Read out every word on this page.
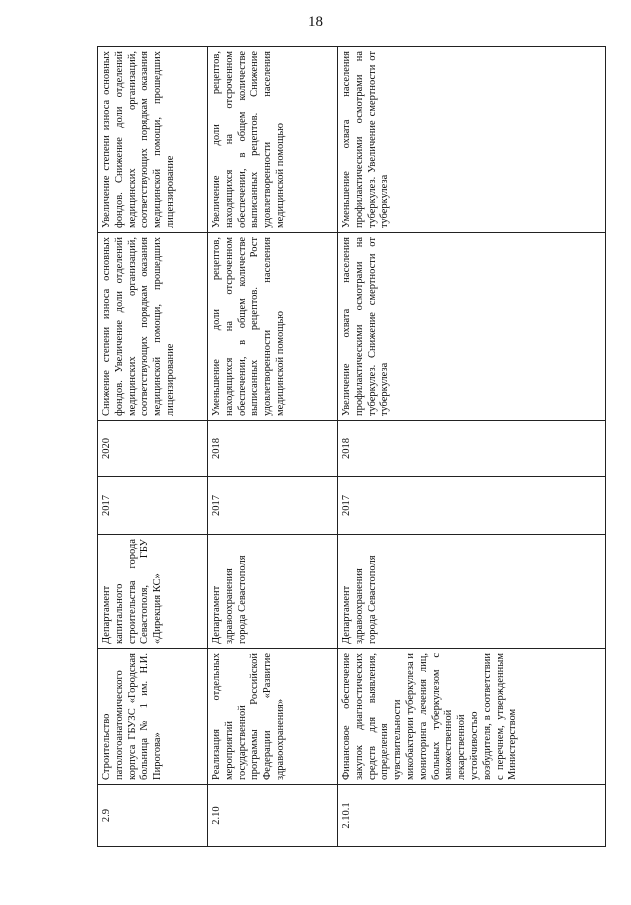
18
2.9	Строительство патологоанатомического корпуса ГБУЗС «Городская больница № 1 им. Н.И. Пирогова»	Департамент капитального строительства города Севастополя, ГБУ «Дирекция КС»	2017	2020	Снижение степени износа основных фондов. Увеличение доли отделений медицинских организаций, соответствующих порядкам оказания медицинской помощи, прошедших лицензирование	Увеличение степени износа основных фондов. Снижение доли отделений медицинских организаций, соответствующих порядкам оказания медицинской помощи, прошедших лицензирование
2.10	Реализация отдельных мероприятий государственной программы Российской Федерации «Развитие здравоохранения»	Департамент здравоохранения города Севастополя	2017	2018	Уменьшение доли рецептов, находящихся на отсроченном обеспечении, в общем количестве выписанных рецептов. Рост удовлетворенности населения медицинской помощью	Увеличение доли рецептов, находящихся на отсроченном обеспечении, в общем количестве выписанных рецептов. Снижение удовлетворенности населения медицинской помощью
2.10.1	Финансовое обеспечение закупок диагностических средств для выявления, определения чувствительности микобактерии туберкулеза и мониторинга лечения лиц, больных туберкулезом с множественной лекарственной устойчивостью возбудителя, в соответствии с перечнем, утвержденным Министерством	Департамент здравоохранения города Севастополя	2017	2018	Увеличение охвата населения профилактическими осмотрами на туберкулез. Снижение смертности от туберкулеза	Уменьшение охвата населения профилактическими осмотрами на туберкулез. Увеличение смертности от туберкулеза
